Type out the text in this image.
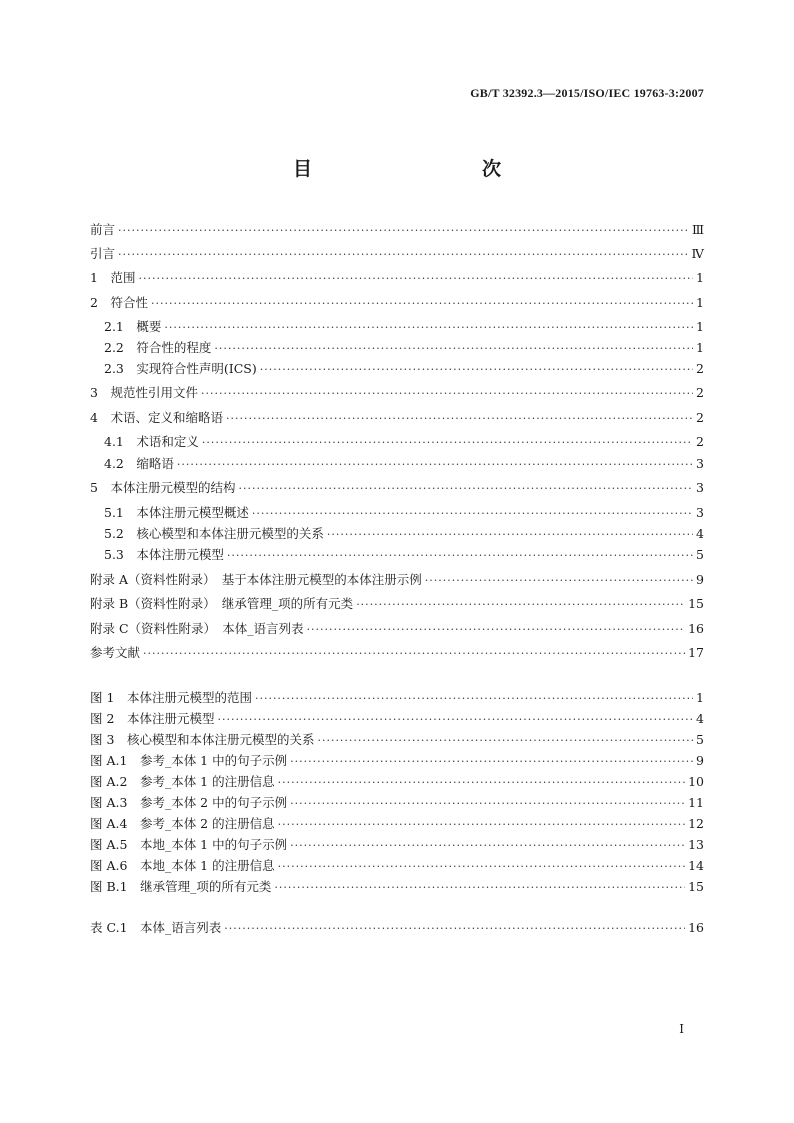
GB/T 32392.3—2015/ISO/IEC 19763-3:2007
目　　次
前言 ·····	Ⅲ
引言 ·····	Ⅳ
1　 范围 ·····	1
2　 符合性 ·····	1
2.1　 概要 ·····	1
2.2　 符合性的程度 ·····	1
2.3　 实现符合性声明(ICS) ·····	2
3　 规范性引用文件 ·····	2
4　 术语、定义和缩略语 ·····	2
4.1　 术语和定义 ·····	2
4.2　 缩略语 ·····	3
5　 本体注册元模型的结构 ·····	3
5.1　 本体注册元模型概述 ·····	3
5.2　 核心模型和本体注册元模型的关系 ·····	4
5.3　 本体注册元模型 ·····	5
附录 A（资料性附录）　 基于本体注册元模型的本体注册示例 ·····	9
附录 B（资料性附录）　 继承管理_项的所有元类 ·····	15
附录 C（资料性附录）　 本体_语言列表 ·····	16
参考文献 ·····	17
图 1　 本体注册元模型的范围 ·····	1
图 2　 本体注册元模型 ·····	4
图 3　 核心模型和本体注册元模型的关系 ·····	5
图 A.1　 参考_本体 1 中的句子示例 ·····	9
图 A.2　 参考_本体 1 的注册信息 ·····	10
图 A.3　 参考_本体 2 中的句子示例 ·····	11
图 A.4　 参考_本体 2 的注册信息 ·····	12
图 A.5　 本地_本体 1 中的句子示例 ·····	13
图 A.6　 本地_本体 1 的注册信息 ·····	14
图 B.1　 继承管理_项的所有元类 ·····	15
表 C.1　 本体_语言列表 ·····	16
Ⅰ
